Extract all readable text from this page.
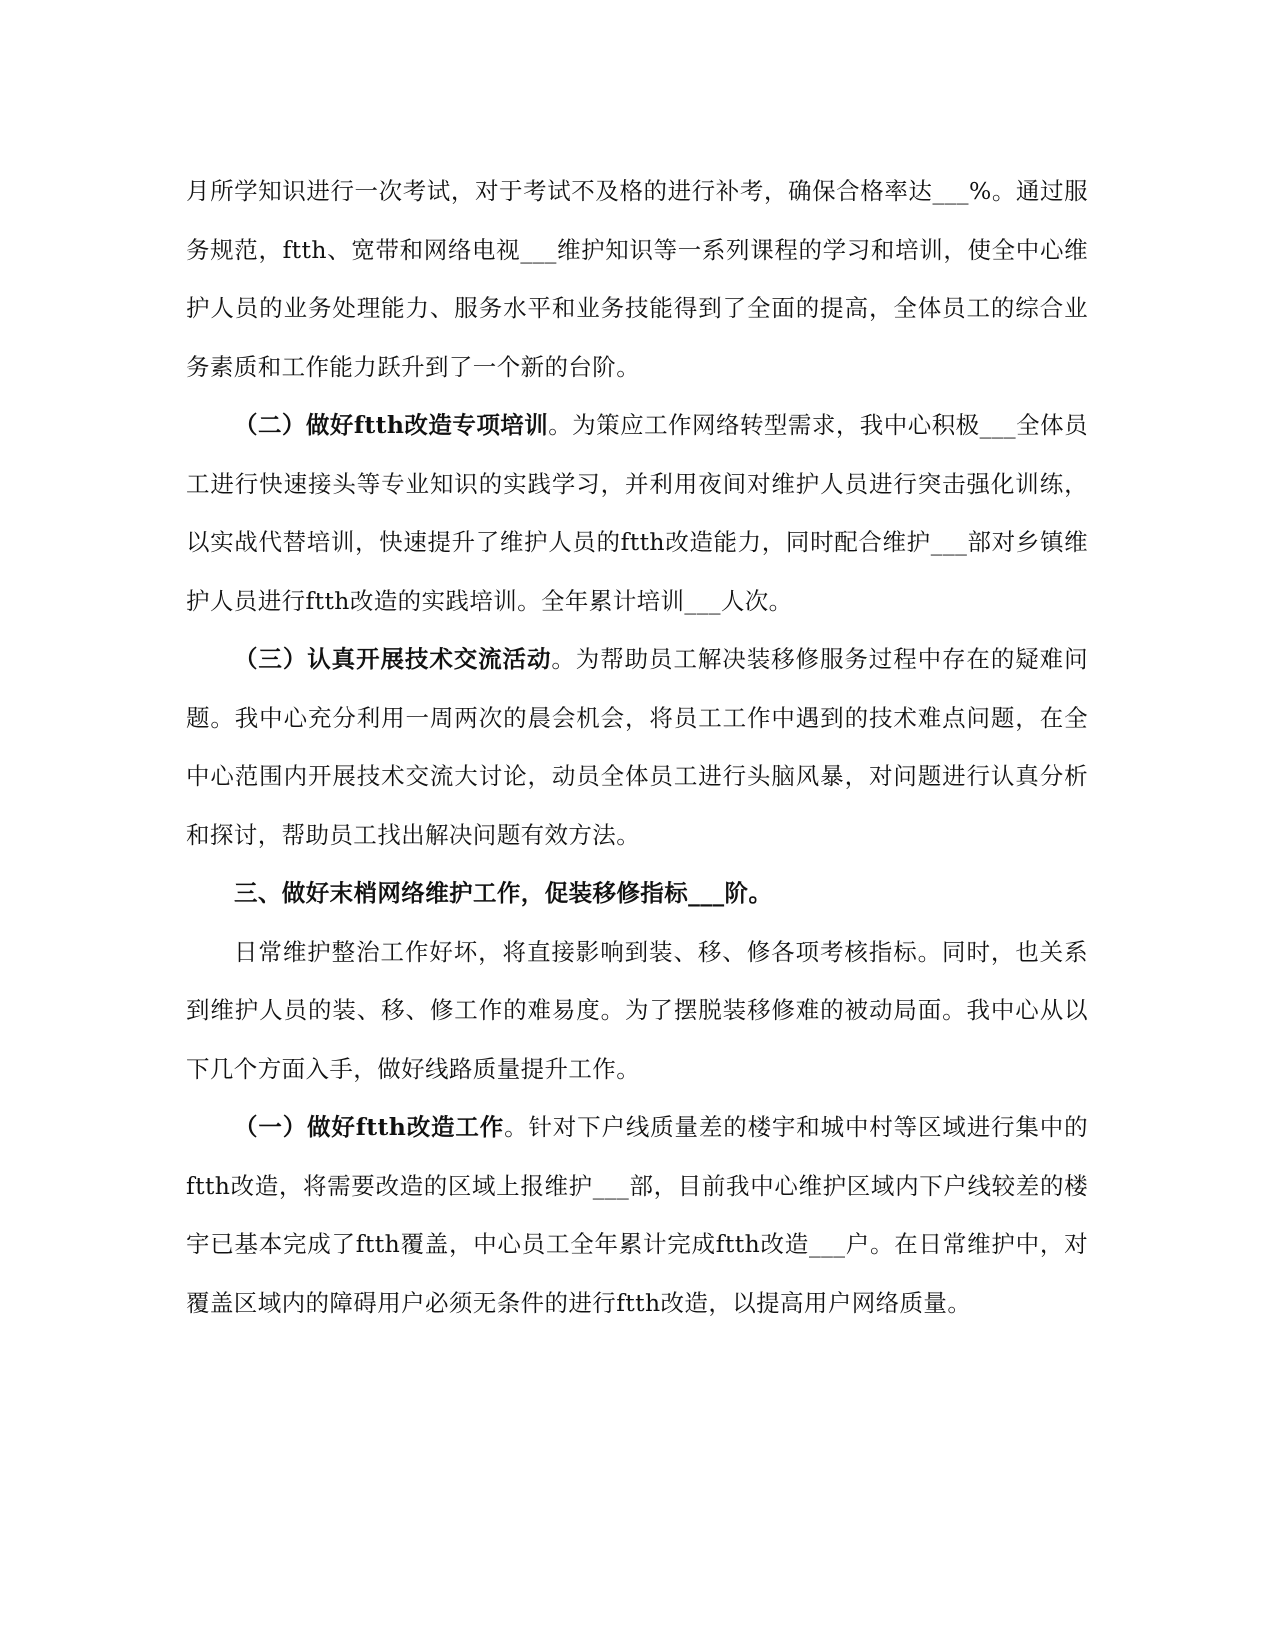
月所学知识进行一次考试，对于考试不及格的进行补考，确保合格率达___%。通过服务规范，ftth、宽带和网络电视___维护知识等一系列课程的学习和培训，使全中心维护人员的业务处理能力、服务水平和业务技能得到了全面的提高，全体员工的综合业务素质和工作能力跃升到了一个新的台阶。

（二）做好ftth改造专项培训。为策应工作网络转型需求，我中心积极___全体员工进行快速接头等专业知识的实践学习，并利用夜间对维护人员进行突击强化训练，以实战代替培训，快速提升了维护人员的ftth改造能力，同时配合维护___部对乡镇维护人员进行ftth改造的实践培训。全年累计培训___人次。

（三）认真开展技术交流活动。为帮助员工解决装移修服务过程中存在的疑难问题。我中心充分利用一周两次的晨会机会，将员工工作中遇到的技术难点问题，在全中心范围内开展技术交流大讨论，动员全体员工进行头脑风暴，对问题进行认真分析和探讨，帮助员工找出解决问题有效方法。

三、做好末梢网络维护工作，促装移修指标___阶。

日常维护整治工作好坏，将直接影响到装、移、修各项考核指标。同时，也关系到维护人员的装、移、修工作的难易度。为了摆脱装移修难的被动局面。我中心从以下几个方面入手，做好线路质量提升工作。

（一）做好ftth改造工作。针对下户线质量差的楼宇和城中村等区域进行集中的ftth改造，将需要改造的区域上报维护___部，目前我中心维护区域内下户线较差的楼宇已基本完成了ftth覆盖，中心员工全年累计完成ftth改造___户。在日常维护中，对覆盖区域内的障碍用户必须无条件的进行ftth改造，以提高用户网络质量。
